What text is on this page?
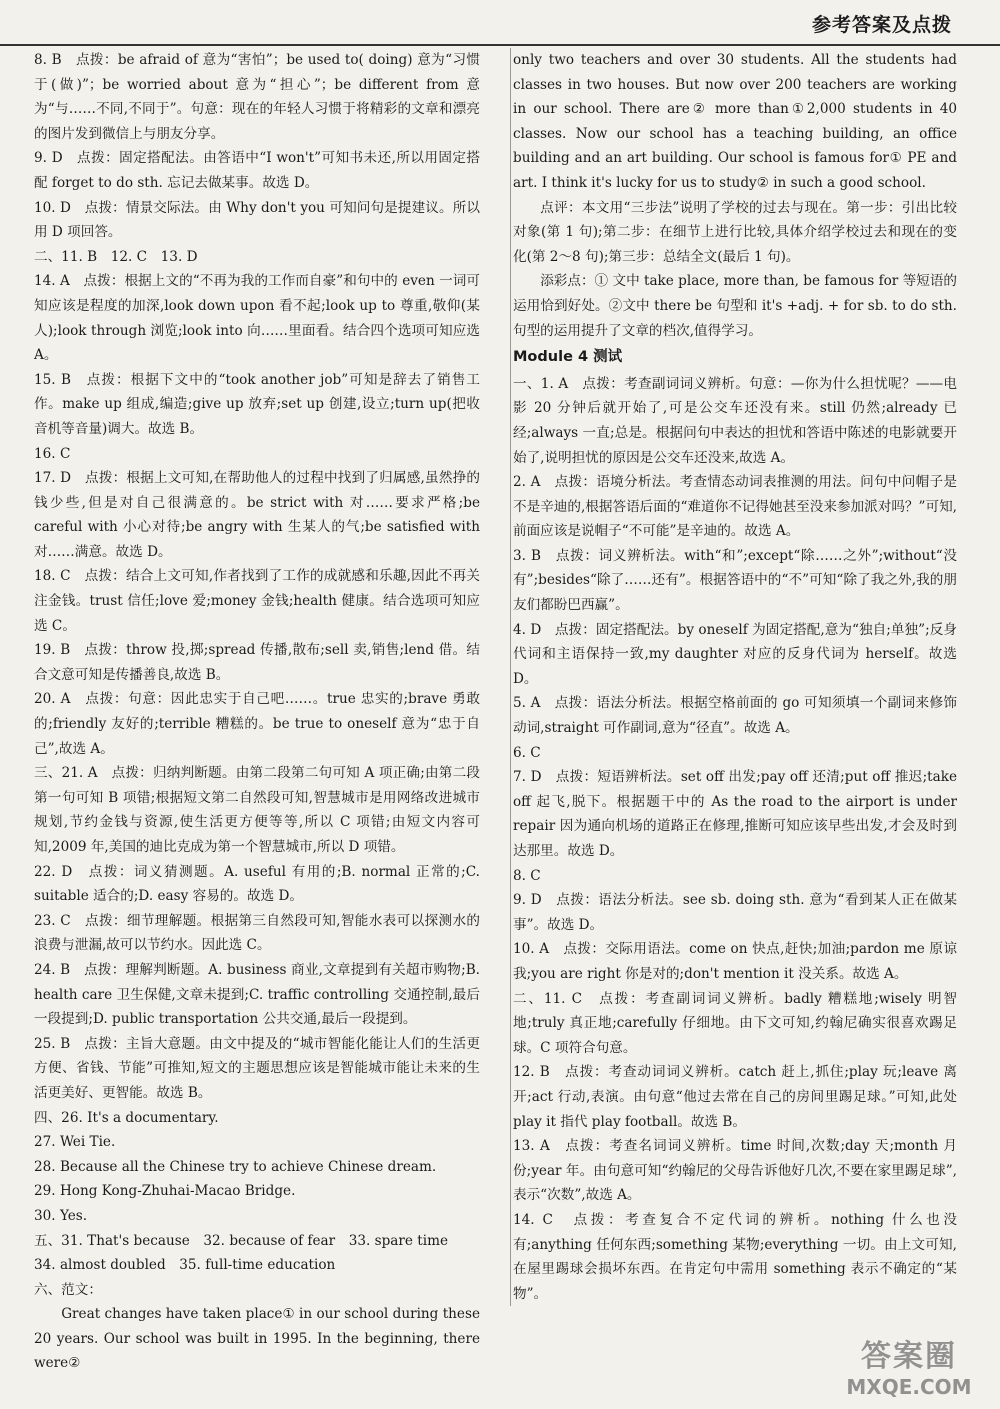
参考答案及点拨

8. B　点拨：be afraid of 意为“害怕”；be used to( doing) 意为“习惯于(做)”；be worried about 意为“担心”；be different from 意为“与……不同,不同于”。句意：现在的年轻人习惯于将精彩的文章和漂亮的图片发到微信上与朋友分享。

9. D　点拨：固定搭配法。由答语中“I won't”可知书未还,所以用固定搭配 forget to do sth. 忘记去做某事。故选 D。

10. D　点拨：情景交际法。由 Why don't you 可知问句是提建议。所以用 D 项回答。

二、11. B　12. C　13. D

14. A　点拨：根据上文的“不再为我的工作而自豪”和句中的 even 一词可知应该是程度的加深,look down upon 看不起;look up to 尊重,敬仰(某人);look through 浏览;look into 向……里面看。结合四个选项可知应选 A。

15. B　点拨：根据下文中的“took another job”可知是辞去了销售工作。make up 组成,编造;give up 放弃;set up 创建,设立;turn up(把收音机等音量)调大。故选 B。

16. C

17. D　点拨：根据上文可知,在帮助他人的过程中找到了归属感,虽然挣的钱少些,但是对自己很满意的。be strict with 对……要求严格;be careful with 小心对待;be angry with 生某人的气;be satisfied with 对……满意。故选 D。

18. C　点拨：结合上文可知,作者找到了工作的成就感和乐趣,因此不再关注金钱。trust 信任;love 爱;money 金钱;health 健康。结合选项可知应选 C。

19. B　点拨：throw 投,掷;spread 传播,散布;sell 卖,销售;lend 借。结合文意可知是传播善良,故选 B。

20. A　点拨：句意：因此忠实于自己吧……。true 忠实的;brave 勇敢的;friendly 友好的;terrible 糟糕的。be true to oneself 意为“忠于自己”,故选 A。

三、21. A　点拨：归纳判断题。由第二段第二句可知 A 项正确;由第二段第一句可知 B 项错;根据短文第二自然段可知,智慧城市是用网络改进城市规划,节约金钱与资源,使生活更方便等等,所以 C 项错;由短文内容可知,2009 年,美国的迪比克成为第一个智慧城市,所以 D 项错。

22. D　点拨：词义猜测题。A. useful 有用的;B. normal 正常的;C. suitable 适合的;D. easy 容易的。故选 D。

23. C　点拨：细节理解题。根据第三自然段可知,智能水表可以探测水的浪费与泄漏,故可以节约水。因此选 C。

24. B　点拨：理解判断题。A. business 商业,文章提到有关超市购物;B. health care 卫生保健,文章未提到;C. traffic controlling 交通控制,最后一段提到;D. public transportation 公共交通,最后一段提到。

25. B　点拨：主旨大意题。由文中提及的“城市智能化能让人们的生活更方便、省钱、节能”可推知,短文的主题思想应该是智能城市能让未来的生活更美好、更智能。故选 B。

四、26. It's a documentary.

27. Wei Tie.

28. Because all the Chinese try to achieve Chinese dream.

29. Hong Kong-Zhuhai-Macao Bridge.

30. Yes.

五、31. That's because　32. because of fear　33. spare time

34. almost doubled　35. full-time education

六、范文：

Great changes have taken place① in our school during these 20 years. Our school was built in 1995. In the beginning, there were②

only two teachers and over 30 students. All the students had classes in two houses. But now over 200 teachers are working in our school. There are② more than①2,000 students in 40 classes. Now our school has a teaching building, an office building and an art building. Our school is famous for① PE and art. I think it's lucky for us to study② in such a good school.

点评：本文用“三步法”说明了学校的过去与现在。第一步：引出比较对象(第 1 句);第二步：在细节上进行比较,具体介绍学校过去和现在的变化(第 2～8 句);第三步：总结全文(最后 1 句)。

添彩点：① 文中 take place, more than, be famous for 等短语的运用恰到好处。②文中 there be 句型和 it's +adj. + for sb. to do sth. 句型的运用提升了文章的档次,值得学习。

Module 4 测试

一、1. A　点拨：考查副词词义辨析。句意：—你为什么担忧呢？——电影 20 分钟后就开始了,可是公交车还没有来。still 仍然;already 已经;always 一直;总是。根据问句中表达的担忧和答语中陈述的电影就要开始了,说明担忧的原因是公交车还没来,故选 A。

2. A　点拨：语境分析法。考查情态动词表推测的用法。问句中问帽子是不是辛迪的,根据答语后面的“难道你不记得她甚至没来参加派对吗？”可知,前面应该是说帽子“不可能”是辛迪的。故选 A。

3. B　点拨：词义辨析法。with“和”;except“除……之外”;without“没有”;besides“除了……还有”。根据答语中的“不”可知“除了我之外,我的朋友们都盼巴西赢”。

4. D　点拨：固定搭配法。by oneself 为固定搭配,意为“独自;单独”;反身代词和主语保持一致,my daughter 对应的反身代词为 herself。故选 D。

5. A　点拨：语法分析法。根据空格前面的 go 可知须填一个副词来修饰动词,straight 可作副词,意为“径直”。故选 A。

6. C

7. D　点拨：短语辨析法。set off 出发;pay off 还清;put off 推迟;take off 起飞,脱下。根据题干中的 As the road to the airport is under repair 因为通向机场的道路正在修理,推断可知应该早些出发,才会及时到达那里。故选 D。

8. C

9. D　点拨：语法分析法。see sb. doing sth. 意为“看到某人正在做某事”。故选 D。

10. A　点拨：交际用语法。come on 快点,赶快;加油;pardon me 原谅我;you are right 你是对的;don't mention it 没关系。故选 A。

二、11. C　点拨：考查副词词义辨析。badly 糟糕地;wisely 明智地;truly 真正地;carefully 仔细地。由下文可知,约翰尼确实很喜欢踢足球。C 项符合句意。

12. B　点拨：考查动词词义辨析。catch 赶上,抓住;play 玩;leave 离开;act 行动,表演。由句意“他过去常在自己的房间里踢足球。”可知,此处 play it 指代 play football。故选 B。

13. A　点拨：考查名词词义辨析。time 时间,次数;day 天;month 月份;year 年。由句意可知“约翰尼的父母告诉他好几次,不要在家里踢足球”,表示“次数”,故选 A。

14. C　点拨：考查复合不定代词的辨析。nothing 什么也没有;anything 任何东西;something 某物;everything 一切。由上文可知,在屋里踢球会损坏东西。在肯定句中需用 something 表示不确定的“某物”。

答案圈
MXQE.COM
